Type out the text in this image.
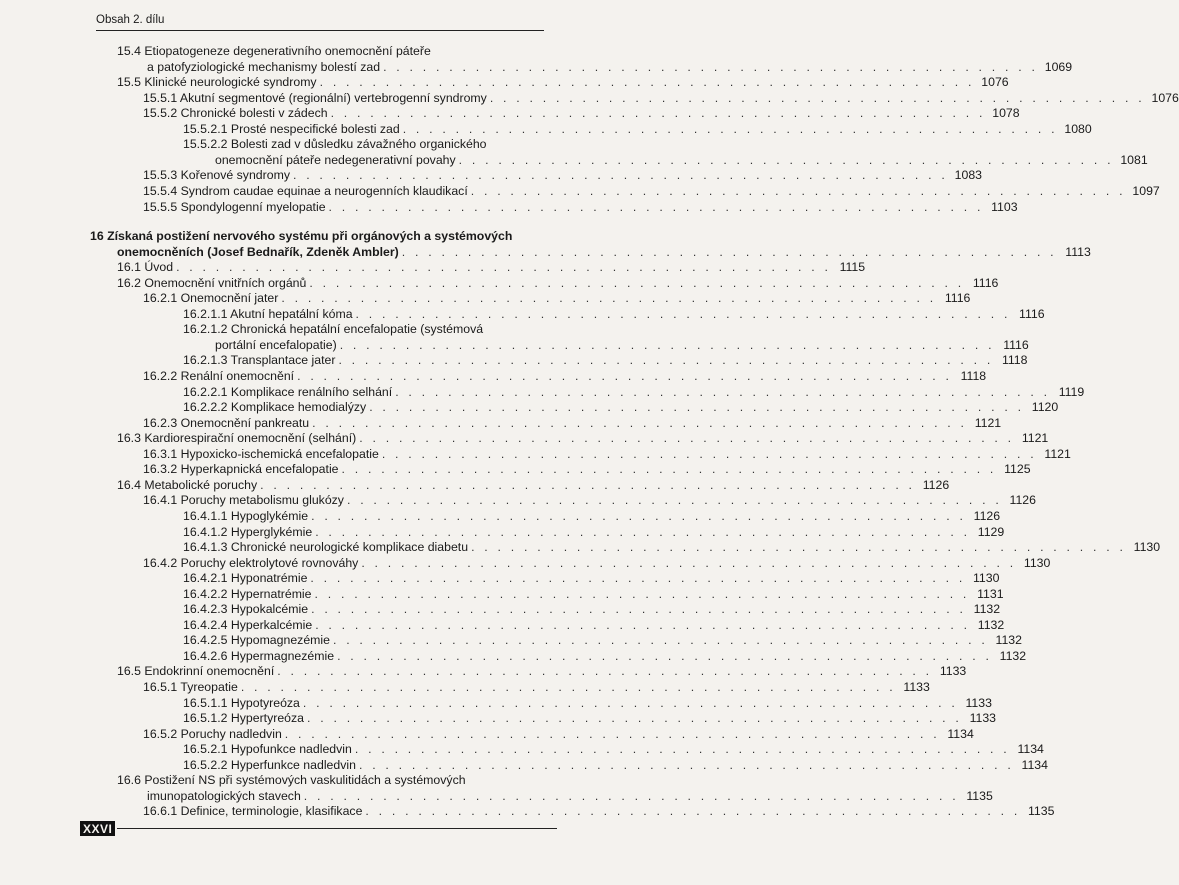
Obsah 2. dílu
15.4 Etiopatogeneze degenerativního onemocnění páteře
a patofyziologické mechanismy bolestí zad . . . . . . . . . . . . . . . . . . . . . . . . . . . . . . . . . . . . . . . . . . . . . . . . . . 1069
15.5 Klinické neurologické syndromy . . . . . . . . . . . . . . . . . . . . . . . . . . . . . . . . . . . . . . . . . . . . . . . . . . 1076
15.5.1 Akutní segmentové (regionální) vertebrogenní syndromy . . . . . . . . . . . . . . . . . . . . . . . . . . . . . . . . . . . . . . . . . . . . . . . . . . 1076
15.5.2 Chronické bolesti v zádech . . . . . . . . . . . . . . . . . . . . . . . . . . . . . . . . . . . . . . . . . . . . . . . . . . 1078
15.5.2.1 Prosté nespecifické bolesti zad . . . . . . . . . . . . . . . . . . . . . . . . . . . . . . . . . . . . . . . . . . . . . . . . . . 1080
15.5.2.2 Bolesti zad v důsledku závažného organického
onemocnění páteře nedegenerativní povahy . . . . . . . . . . . . . . . . . . . . . . . . . . . . . . . . . . . . . . . . . . . . . . . . . . 1081
15.5.3 Kořenové syndromy . . . . . . . . . . . . . . . . . . . . . . . . . . . . . . . . . . . . . . . . . . . . . . . . . . 1083
15.5.4 Syndrom caudae equinae a neurogenních klaudikací . . . . . . . . . . . . . . . . . . . . . . . . . . . . . . . . . . . . . . . . . . . . . . . . . . 1097
15.5.5 Spondylogenní myelopatie . . . . . . . . . . . . . . . . . . . . . . . . . . . . . . . . . . . . . . . . . . . . . . . . . . 1103
16 Získaná postižení nervového systému při orgánových a systémových
onemocněních (Josef Bednařík, Zdeněk Ambler) . . . . . . . . . . . . . . . . . . . . . . . . . . . . . . . . . . . . . . . . . . . . . . . . . . 1113
16.1 Úvod . . . . . . . . . . . . . . . . . . . . . . . . . . . . . . . . . . . . . . . . . . . . . . . . . . 1115
16.2 Onemocnění vnitřních orgánů . . . . . . . . . . . . . . . . . . . . . . . . . . . . . . . . . . . . . . . . . . . . . . . . . . 1116
16.2.1 Onemocnění jater . . . . . . . . . . . . . . . . . . . . . . . . . . . . . . . . . . . . . . . . . . . . . . . . . . 1116
16.2.1.1 Akutní hepatální kóma . . . . . . . . . . . . . . . . . . . . . . . . . . . . . . . . . . . . . . . . . . . . . . . . . . 1116
16.2.1.2 Chronická hepatální encefalopatie (systémová
portální encefalopatie) . . . . . . . . . . . . . . . . . . . . . . . . . . . . . . . . . . . . . . . . . . . . . . . . . . 1116
16.2.1.3 Transplantace jater . . . . . . . . . . . . . . . . . . . . . . . . . . . . . . . . . . . . . . . . . . . . . . . . . . 1118
16.2.2 Renální onemocnění . . . . . . . . . . . . . . . . . . . . . . . . . . . . . . . . . . . . . . . . . . . . . . . . . . 1118
16.2.2.1 Komplikace renálního selhání . . . . . . . . . . . . . . . . . . . . . . . . . . . . . . . . . . . . . . . . . . . . . . . . . . 1119
16.2.2.2 Komplikace hemodialýzy . . . . . . . . . . . . . . . . . . . . . . . . . . . . . . . . . . . . . . . . . . . . . . . . . . 1120
16.2.3 Onemocnění pankreatu . . . . . . . . . . . . . . . . . . . . . . . . . . . . . . . . . . . . . . . . . . . . . . . . . . 1121
16.3 Kardiorespirační onemocnění (selhání) . . . . . . . . . . . . . . . . . . . . . . . . . . . . . . . . . . . . . . . . . . . . . . . . . . 1121
16.3.1 Hypoxicko-ischemická encefalopatie . . . . . . . . . . . . . . . . . . . . . . . . . . . . . . . . . . . . . . . . . . . . . . . . . . 1121
16.3.2 Hyperkapnická encefalopatie . . . . . . . . . . . . . . . . . . . . . . . . . . . . . . . . . . . . . . . . . . . . . . . . . . 1125
16.4 Metabolické poruchy . . . . . . . . . . . . . . . . . . . . . . . . . . . . . . . . . . . . . . . . . . . . . . . . . . 1126
16.4.1 Poruchy metabolismu glukózy . . . . . . . . . . . . . . . . . . . . . . . . . . . . . . . . . . . . . . . . . . . . . . . . . . 1126
16.4.1.1 Hypoglykémie . . . . . . . . . . . . . . . . . . . . . . . . . . . . . . . . . . . . . . . . . . . . . . . . . . 1126
16.4.1.2 Hyperglykémie . . . . . . . . . . . . . . . . . . . . . . . . . . . . . . . . . . . . . . . . . . . . . . . . . . 1129
16.4.1.3 Chronické neurologické komplikace diabetu . . . . . . . . . . . . . . . . . . . . . . . . . . . . . . . . . . . . . . . . . . . . . . . . . . 1130
16.4.2 Poruchy elektrolytové rovnováhy . . . . . . . . . . . . . . . . . . . . . . . . . . . . . . . . . . . . . . . . . . . . . . . . . . 1130
16.4.2.1 Hyponatrémie . . . . . . . . . . . . . . . . . . . . . . . . . . . . . . . . . . . . . . . . . . . . . . . . . . 1130
16.4.2.2 Hypernatrémie . . . . . . . . . . . . . . . . . . . . . . . . . . . . . . . . . . . . . . . . . . . . . . . . . . 1131
16.4.2.3 Hypokalcémie . . . . . . . . . . . . . . . . . . . . . . . . . . . . . . . . . . . . . . . . . . . . . . . . . . 1132
16.4.2.4 Hyperkalcémie . . . . . . . . . . . . . . . . . . . . . . . . . . . . . . . . . . . . . . . . . . . . . . . . . . 1132
16.4.2.5 Hypomagnezémie . . . . . . . . . . . . . . . . . . . . . . . . . . . . . . . . . . . . . . . . . . . . . . . . . . 1132
16.4.2.6 Hypermagnezémie . . . . . . . . . . . . . . . . . . . . . . . . . . . . . . . . . . . . . . . . . . . . . . . . . . 1132
16.5 Endokrinní onemocnění . . . . . . . . . . . . . . . . . . . . . . . . . . . . . . . . . . . . . . . . . . . . . . . . . . 1133
16.5.1 Tyreopatie . . . . . . . . . . . . . . . . . . . . . . . . . . . . . . . . . . . . . . . . . . . . . . . . . . 1133
16.5.1.1 Hypotyreóza . . . . . . . . . . . . . . . . . . . . . . . . . . . . . . . . . . . . . . . . . . . . . . . . . . 1133
16.5.1.2 Hypertyreóza . . . . . . . . . . . . . . . . . . . . . . . . . . . . . . . . . . . . . . . . . . . . . . . . . . 1133
16.5.2 Poruchy nadledvin . . . . . . . . . . . . . . . . . . . . . . . . . . . . . . . . . . . . . . . . . . . . . . . . . . 1134
16.5.2.1 Hypofunkce nadledvin . . . . . . . . . . . . . . . . . . . . . . . . . . . . . . . . . . . . . . . . . . . . . . . . . . 1134
16.5.2.2 Hyperfunkce nadledvin . . . . . . . . . . . . . . . . . . . . . . . . . . . . . . . . . . . . . . . . . . . . . . . . . . 1134
16.6 Postižení NS při systémových vaskulitidách a systémových
imunopatologických stavech . . . . . . . . . . . . . . . . . . . . . . . . . . . . . . . . . . . . . . . . . . . . . . . . . . 1135
16.6.1 Definice, terminologie, klasifikace . . . . . . . . . . . . . . . . . . . . . . . . . . . . . . . . . . . . . . . . . . . . . . . . . . 1135
XXVI
